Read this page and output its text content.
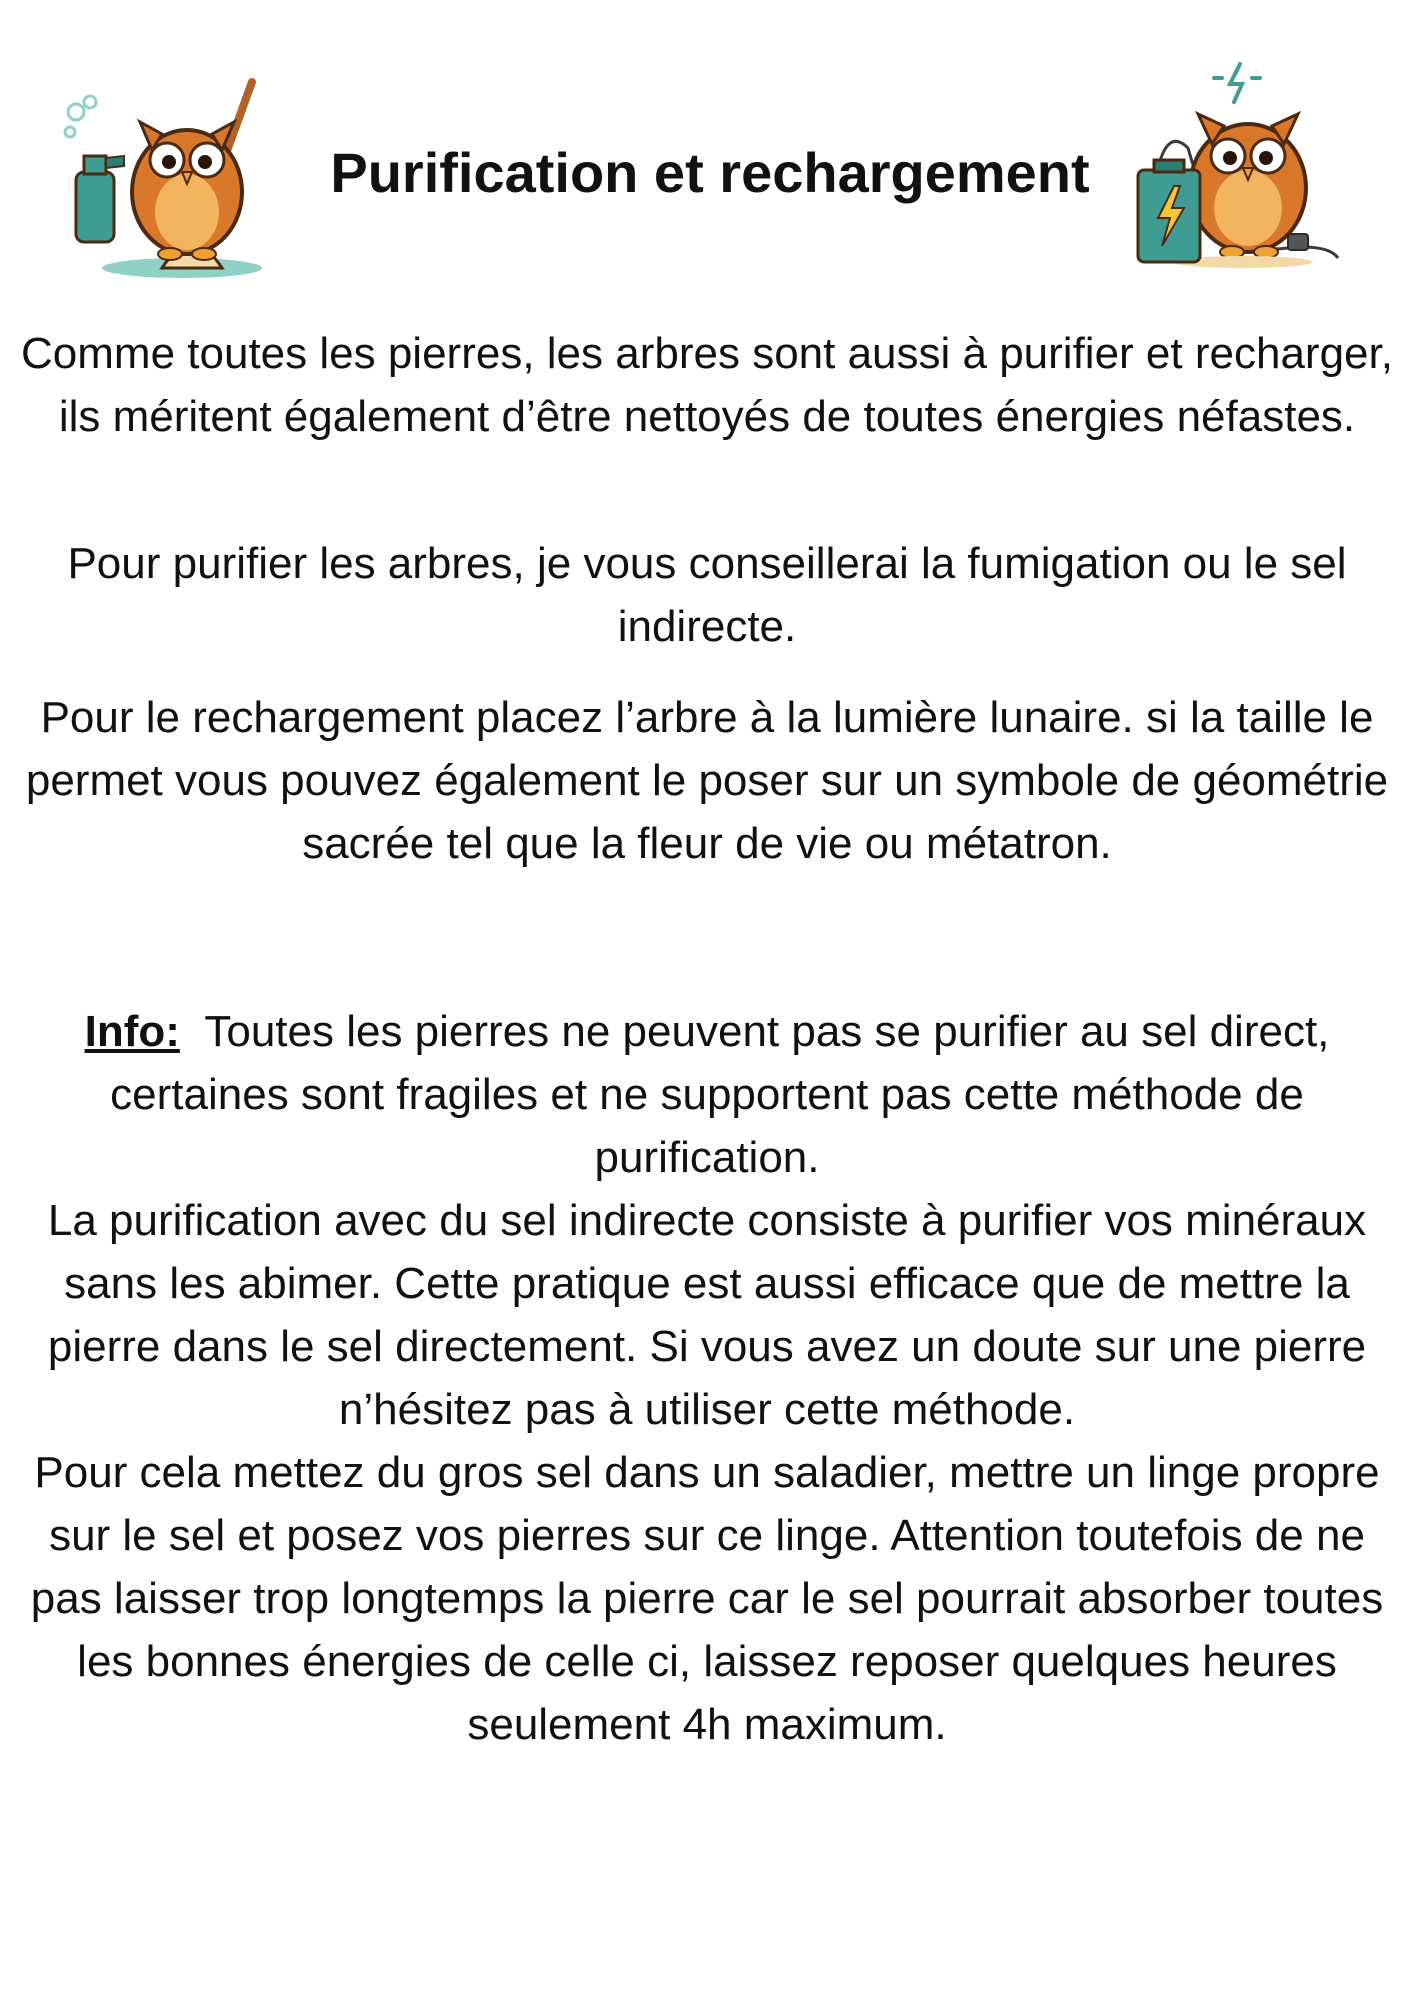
Purification et rechargement

Comme toutes les pierres, les arbres sont aussi à purifier et recharger, ils méritent également d’être nettoyés de toutes énergies néfastes.

Pour purifier les arbres, je vous conseillerai la fumigation ou le sel indirecte.

Pour le rechargement placez l’arbre à la lumière lunaire. si la taille le permet vous pouvez également le poser sur un symbole de géométrie sacrée tel que la fleur de vie ou métatron.

Info: Toutes les pierres ne peuvent pas se purifier au sel direct, certaines sont fragiles et ne supportent pas cette méthode de purification.
La purification avec du sel indirecte consiste à purifier vos minéraux sans les abimer. Cette pratique est aussi efficace que de mettre la pierre dans le sel directement. Si vous avez un doute sur une pierre n’hésitez pas à utiliser cette méthode.
Pour cela mettez du gros sel dans un saladier, mettre un linge propre sur le sel et posez vos pierres sur ce linge. Attention toutefois de ne pas laisser trop longtemps la pierre car le sel pourrait absorber toutes les bonnes énergies de celle ci, laissez reposer quelques heures seulement 4h maximum.
